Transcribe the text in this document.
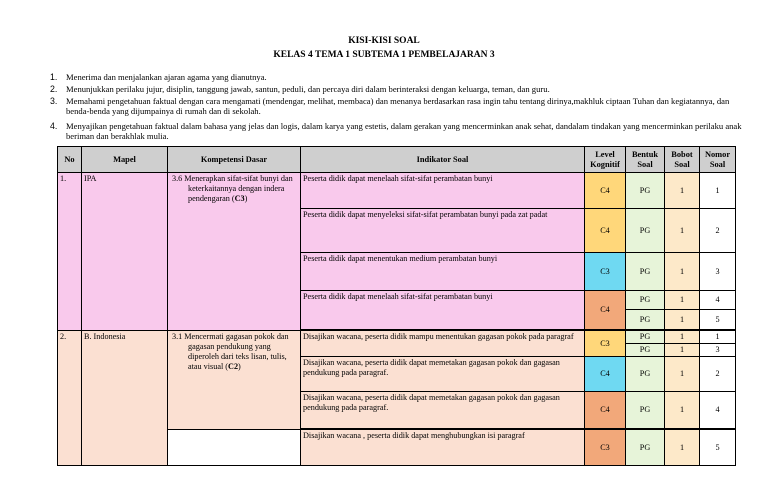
KISI-KISI SOAL
KELAS 4 TEMA 1 SUBTEMA 1 PEMBELAJARAN 3
1. Menerima dan menjalankan ajaran agama yang dianutnya.
2. Menunjukkan perilaku jujur, disiplin, tanggung jawab, santun, peduli, dan percaya diri dalam berinteraksi dengan keluarga, teman, dan guru.
3. Memahami pengetahuan faktual dengan cara mengamati (mendengar, melihat, membaca) dan menanya berdasarkan rasa ingin tahu tentang dirinya,makhluk ciptaan Tuhan dan kegiatannya, dan benda-benda yang dijumpainya di rumah dan di sekolah.
4. Menyajikan pengetahuan faktual dalam bahasa yang jelas dan logis, dalam karya yang estetis, dalam gerakan yang mencerminkan anak sehat, dandalam tindakan yang mencerminkan perilaku anak beriman dan berakhlak mulia.
No	Mapel	Kompetensi Dasar	Indikator Soal	Level Kognitif	Bentuk Soal	Bobot Soal	Nomor Soal
1.	IPA	3.6 Menerapkan sifat-sifat bunyi dan keterkaitannya dengan indera pendengaran (C3)	Peserta didik dapat menelaah sifat-sifat perambatan bunyi	C4	PG	1	1
			Peserta didik dapat menyeleksi sifat-sifat perambatan bunyi pada zat padat	C4	PG	1	2
			Peserta didik dapat menentukan medium perambatan bunyi	C3	PG	1	3
			Peserta didik dapat menelaah sifat-sifat perambatan bunyi	C4	PG	1	4
					PG	1	5

2.	B. Indonesia	3.1 Mencermati gagasan pokok dan gagasan pendukung yang diperoleh dari teks lisan, tulis, atau visual (C2)	Disajikan wacana, peserta didik mampu menentukan gagasan pokok pada paragraf	C3	PG	1	1
					PG	1	3
			Disajikan wacana, peserta didik dapat memetakan gagasan pokok dan gagasan pendukung pada paragraf.	C4	PG	1	2
			Disajikan wacana, peserta didik dapat memetakan gagasan pokok dan gagasan pendukung pada paragraf.	C4	PG	1	4

			Disajikan wacana , peserta didik dapat menghubungkan isi paragraf	C3	PG	1	5
